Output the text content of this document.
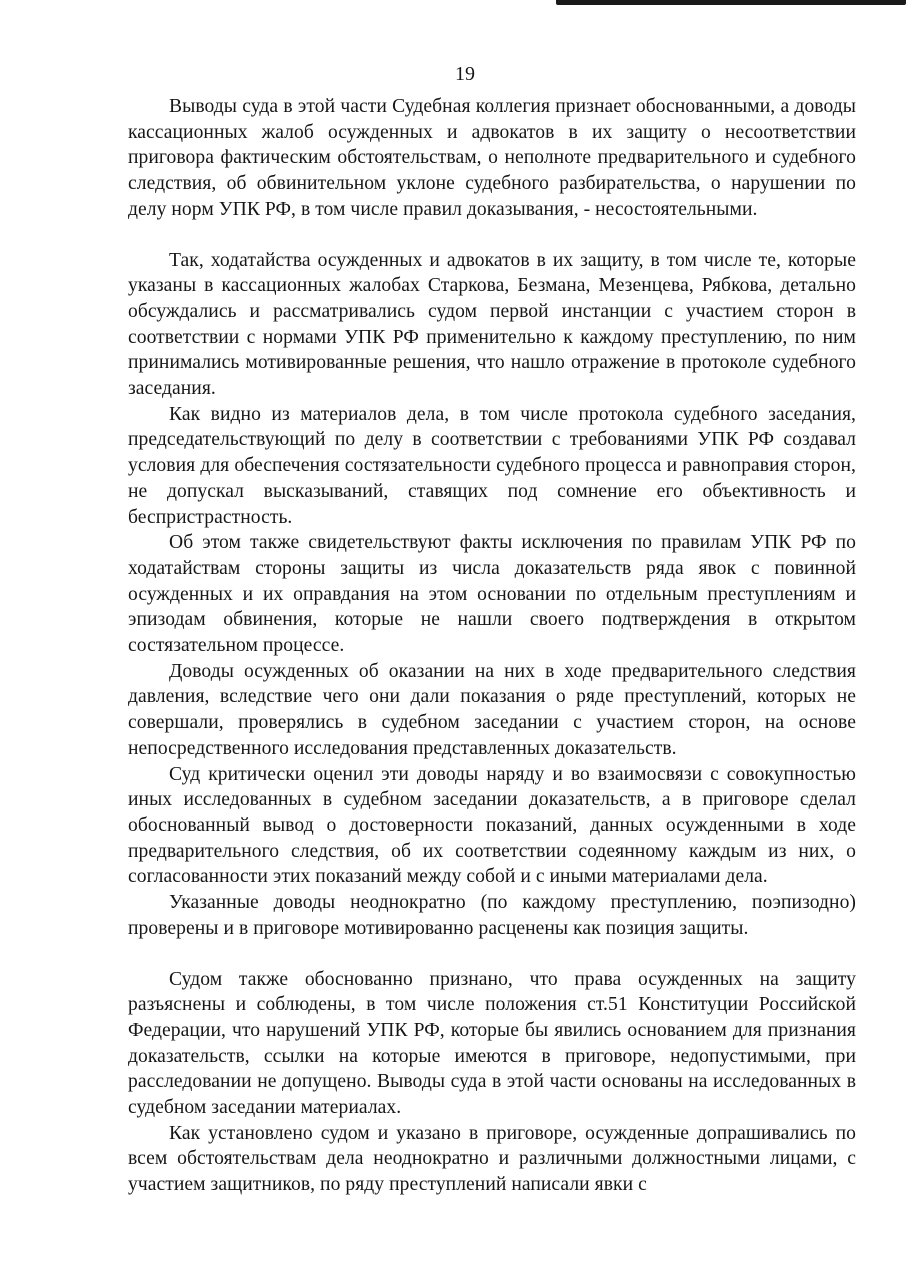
19

Выводы суда в этой части Судебная коллегия признает обоснованными, а доводы кассационных жалоб осужденных и адвокатов в их защиту о несоответствии приговора фактическим обстоятельствам, о неполноте предварительного и судебного следствия, об обвинительном уклоне судебного разбирательства, о нарушении по делу норм УПК РФ, в том числе правил доказывания, - несостоятельными.

Так, ходатайства осужденных и адвокатов в их защиту, в том числе те, которые указаны в кассационных жалобах Старкова, Безмана, Мезенцева, Рябкова, детально обсуждались и рассматривались судом первой инстанции с участием сторон в соответствии с нормами УПК РФ применительно к каждому преступлению, по ним принимались мотивированные решения, что нашло отражение в протоколе судебного заседания.

Как видно из материалов дела, в том числе протокола судебного заседания, председательствующий по делу в соответствии с требованиями УПК РФ создавал условия для обеспечения состязательности судебного процесса и равноправия сторон, не допускал высказываний, ставящих под сомнение его объективность и беспристрастность.

Об этом также свидетельствуют факты исключения по правилам УПК РФ по ходатайствам стороны защиты из числа доказательств ряда явок с повинной осужденных и их оправдания на этом основании по отдельным преступлениям и эпизодам обвинения, которые не нашли своего подтверждения в открытом состязательном процессе.

Доводы осужденных об оказании на них в ходе предварительного следствия давления, вследствие чего они дали показания о ряде преступлений, которых не совершали, проверялись в судебном заседании с участием сторон, на основе непосредственного исследования представленных доказательств.

Суд критически оценил эти доводы наряду и во взаимосвязи с совокупностью иных исследованных в судебном заседании доказательств, а в приговоре сделал обоснованный вывод о достоверности показаний, данных осужденными в ходе предварительного следствия, об их соответствии содеянному каждым из них, о согласованности этих показаний между собой и с иными материалами дела.

Указанные доводы неоднократно (по каждому преступлению, поэпизодно) проверены и в приговоре мотивированно расценены как позиция защиты.

Судом также обоснованно признано, что права осужденных на защиту разъяснены и соблюдены, в том числе положения ст.51 Конституции Российской Федерации, что нарушений УПК РФ, которые бы явились основанием для признания доказательств, ссылки на которые имеются в приговоре, недопустимыми, при расследовании не допущено. Выводы суда в этой части основаны на исследованных в судебном заседании материалах.

Как установлено судом и указано в приговоре, осужденные допрашивались по всем обстоятельствам дела неоднократно и различными должностными лицами, с участием защитников, по ряду преступлений написали явки с
